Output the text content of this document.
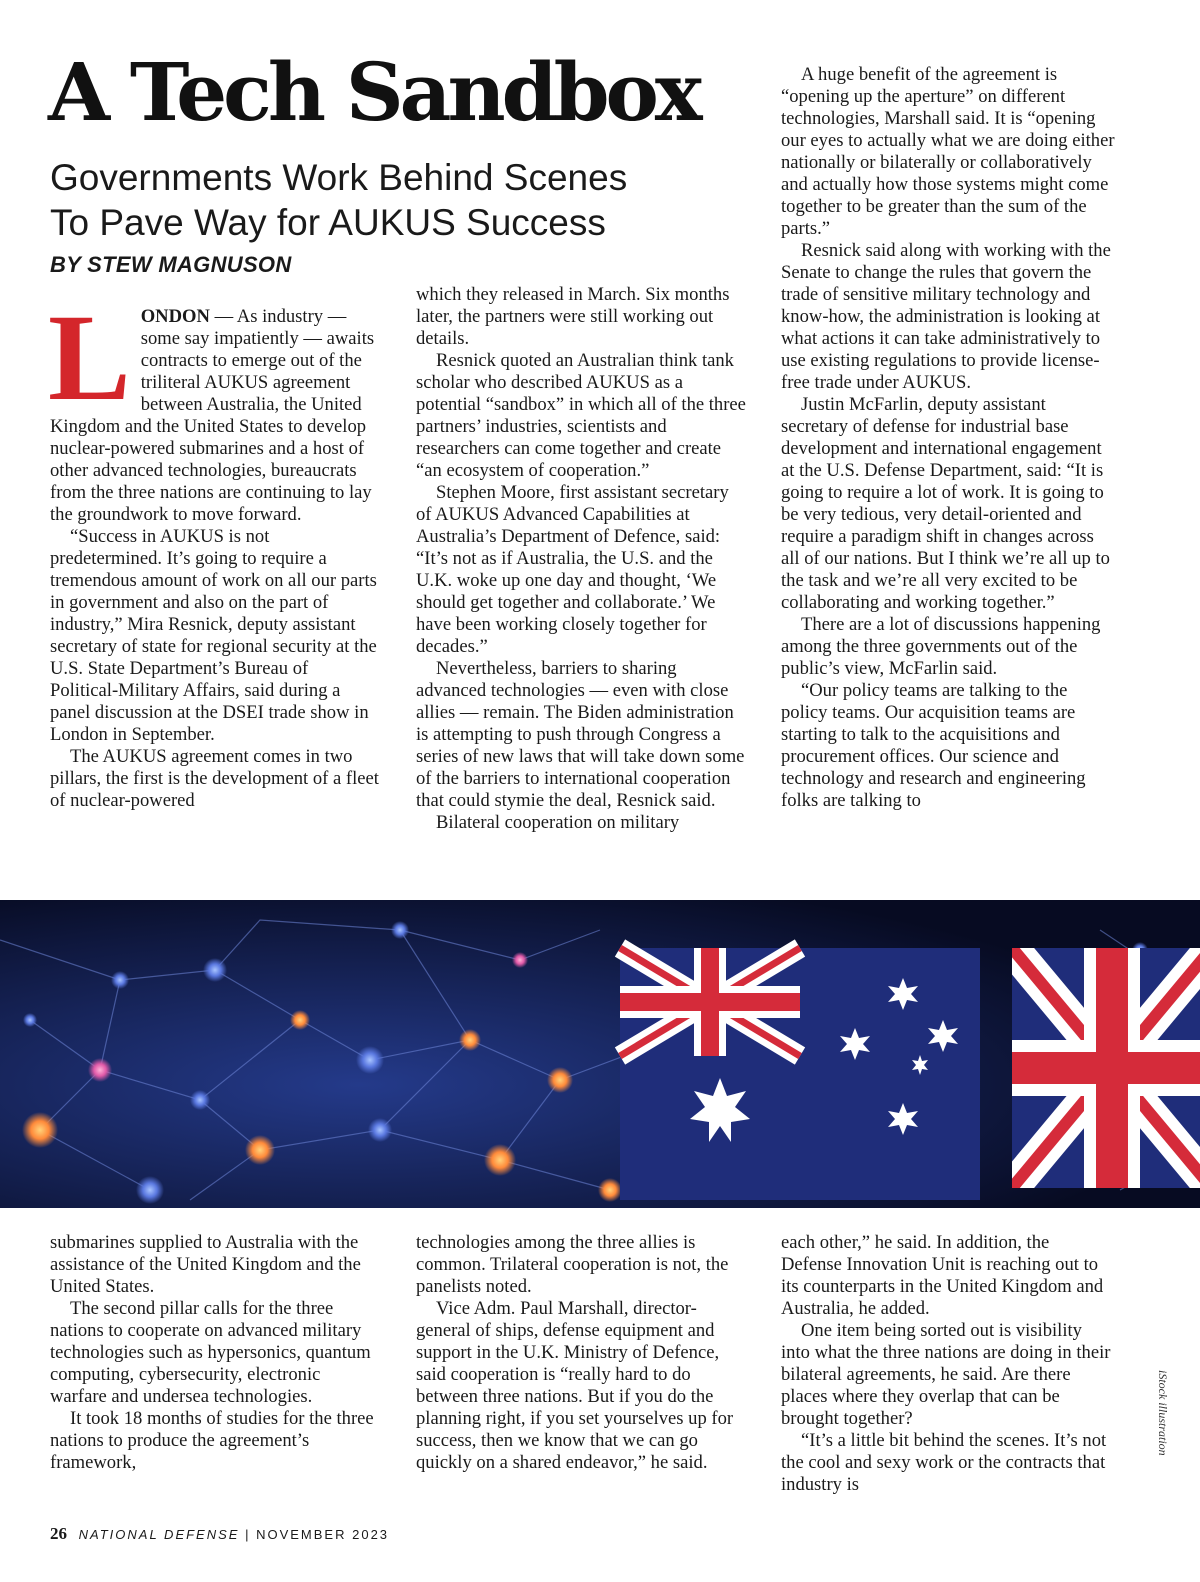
A Tech Sandbox
Governments Work Behind Scenes
To Pave Way for AUKUS Success
BY STEW MAGNUSON
L ONDON — As industry — some say impatiently — awaits contracts to emerge out of the triliteral AUKUS agreement between Australia, the United Kingdom and the United States to develop nuclear-powered submarines and a host of other advanced technologies, bureaucrats from the three nations are continuing to lay the groundwork to move forward.

“Success in AUKUS is not predetermined. It’s going to require a tremendous amount of work on all our parts in government and also on the part of industry,” Mira Resnick, deputy assistant secretary of state for regional security at the U.S. State Department’s Bureau of Political-Military Affairs, said during a panel discussion at the DSEI trade show in London in September.

The AUKUS agreement comes in two pillars, the first is the development of a fleet of nuclear-powered

which they released in March. Six months later, the partners were still working out details.

Resnick quoted an Australian think tank scholar who described AUKUS as a potential “sandbox” in which all of the three partners’ industries, scientists and researchers can come together and create “an ecosystem of cooperation.”

Stephen Moore, first assistant secretary of AUKUS Advanced Capabilities at Australia’s Department of Defence, said: “It’s not as if Australia, the U.S. and the U.K. woke up one day and thought, ‘We should get together and collaborate.’ We have been working closely together for decades.”

Nevertheless, barriers to sharing advanced technologies — even with close allies — remain. The Biden administration is attempting to push through Congress a series of new laws that will take down some of the barriers to international cooperation that could stymie the deal, Resnick said.

Bilateral cooperation on military

A huge benefit of the agreement is “opening up the aperture” on different technologies, Marshall said. It is “opening our eyes to actually what we are doing either nationally or bilaterally or collaboratively and actually how those systems might come together to be greater than the sum of the parts.”

Resnick said along with working with the Senate to change the rules that govern the trade of sensitive military technology and know-how, the administration is looking at what actions it can take administratively to use existing regulations to provide license-free trade under AUKUS.

Justin McFarlin, deputy assistant secretary of defense for industrial base development and international engagement at the U.S. Defense Department, said: “It is going to require a lot of work. It is going to be very tedious, very detail-oriented and require a paradigm shift in changes across all of our nations. But I think we’re all up to the task and we’re all very excited to be collaborating and working together.”

There are a lot of discussions happening among the three governments out of the public’s view, McFarlin said.

“Our policy teams are talking to the policy teams. Our acquisition teams are starting to talk to the acquisitions and procurement offices. Our science and technology and research and engineering folks are talking to

submarines supplied to Australia with the assistance of the United Kingdom and the United States.

The second pillar calls for the three nations to cooperate on advanced military technologies such as hypersonics, quantum computing, cybersecurity, electronic warfare and undersea technologies.

It took 18 months of studies for the three nations to produce the agreement’s framework,

technologies among the three allies is common. Trilateral cooperation is not, the panelists noted.

Vice Adm. Paul Marshall, director-general of ships, defense equipment and support in the U.K. Ministry of Defence, said cooperation is “really hard to do between three nations. But if you do the planning right, if you set yourselves up for success, then we know that we can go quickly on a shared endeavor,” he said.

each other,” he said. In addition, the Defense Innovation Unit is reaching out to its counterparts in the United Kingdom and Australia, he added.

One item being sorted out is visibility into what the three nations are doing in their bilateral agreements, he said. Are there places where they overlap that can be brought together?

“It’s a little bit behind the scenes. It’s not the cool and sexy work or the contracts that industry is

iStock illustration
26 NATIONAL DEFENSE | NOVEMBER 2023
